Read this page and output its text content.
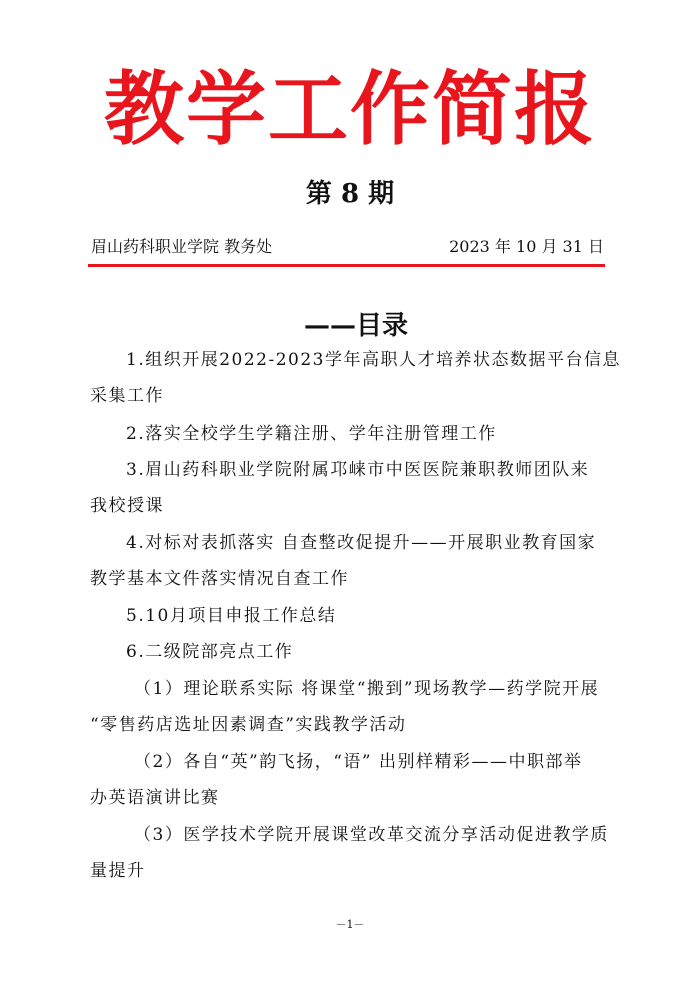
教学工作简报
第 8 期
眉山药科职业学院 教务处	2023 年 10 月 31 日
——目录
1.组织开展2022-2023学年高职人才培养状态数据平台信息
采集工作
2.落实全校学生学籍注册、学年注册管理工作
3.眉山药科职业学院附属邛崃市中医医院兼职教师团队来
我校授课
4.对标对表抓落实 自查整改促提升——开展职业教育国家
教学基本文件落实情况自查工作
5.10月项目申报工作总结
6.二级院部亮点工作
（1）理论联系实际 将课堂“搬到”现场教学—药学院开展
“零售药店选址因素调查”实践教学活动
（2）各自“英”韵飞扬，“语” 出别样精彩——中职部举
办英语演讲比赛
（3）医学技术学院开展课堂改革交流分享活动促进教学质
量提升
－1－
